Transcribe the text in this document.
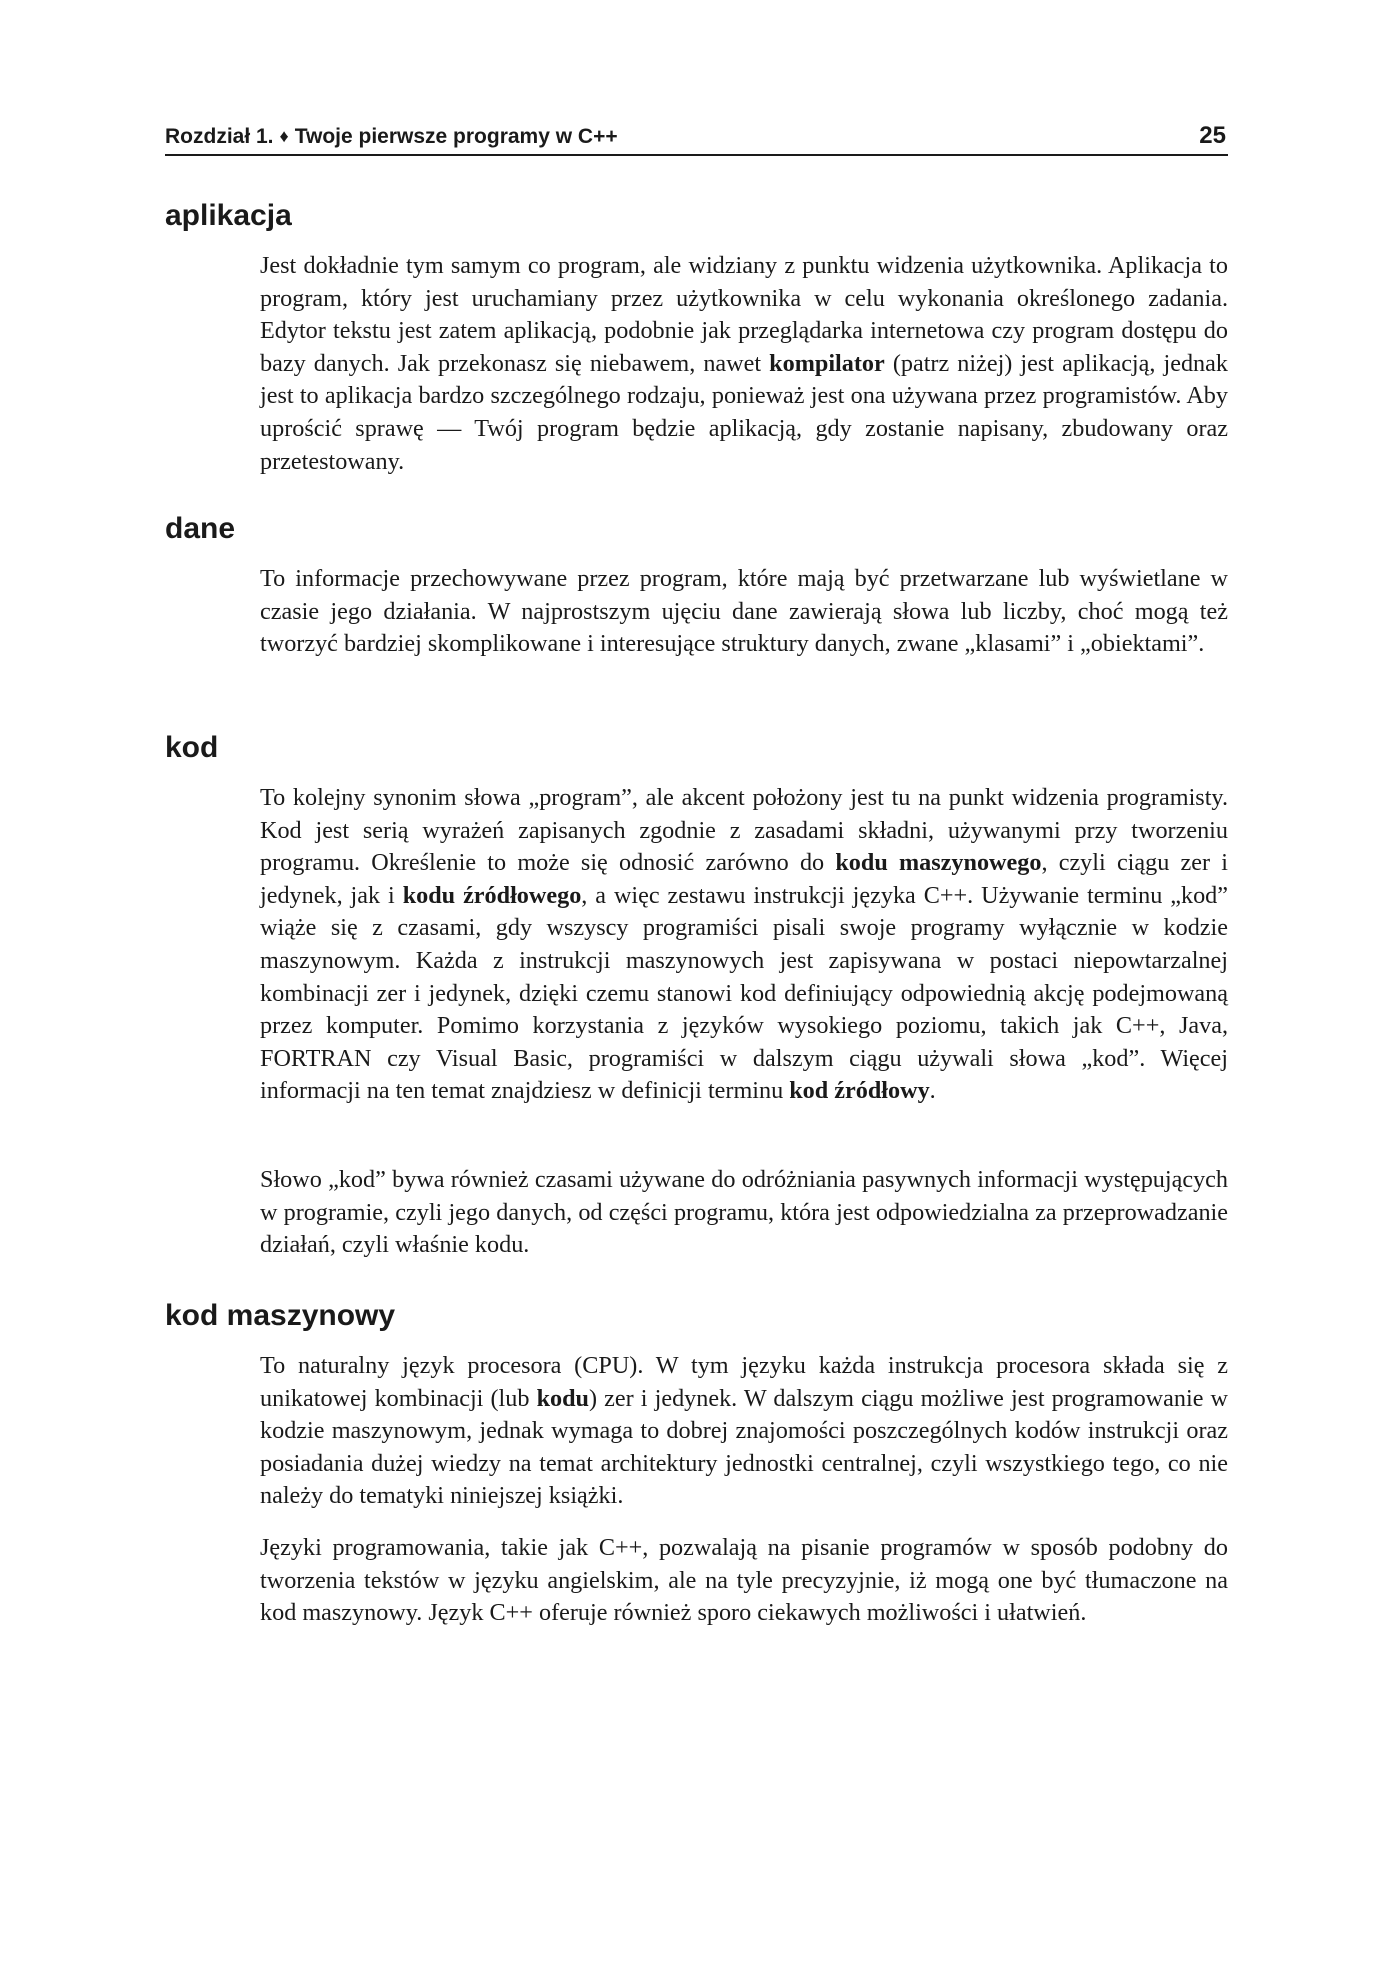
Rozdział 1. ♦ Twoje pierwsze programy w C++	25
aplikacja

Jest dokładnie tym samym co program, ale widziany z punktu widzenia użytkownika. Aplikacja to program, który jest uruchamiany przez użytkownika w celu wykonania określonego zadania. Edytor tekstu jest zatem aplikacją, podobnie jak przeglądarka internetowa czy program dostępu do bazy danych. Jak przekonasz się niebawem, nawet kompilator (patrz niżej) jest aplikacją, jednak jest to aplikacja bardzo szczególnego rodzaju, ponieważ jest ona używana przez programistów. Aby uprościć sprawę — Twój program będzie aplikacją, gdy zostanie napisany, zbudowany oraz przetestowany.

dane

To informacje przechowywane przez program, które mają być przetwarzane lub wyświetlane w czasie jego działania. W najprostszym ujęciu dane zawierają słowa lub liczby, choć mogą też tworzyć bardziej skomplikowane i interesujące struktury danych, zwane „klasami” i „obiektami”.

kod

To kolejny synonim słowa „program”, ale akcent położony jest tu na punkt widzenia programisty. Kod jest serią wyrażeń zapisanych zgodnie z zasadami składni, używanymi przy tworzeniu programu. Określenie to może się odnosić zarówno do kodu maszynowego, czyli ciągu zer i jedynek, jak i kodu źródłowego, a więc zestawu instrukcji języka C++. Używanie terminu „kod” wiąże się z czasami, gdy wszyscy programiści pisali swoje programy wyłącznie w kodzie maszynowym. Każda z instrukcji maszynowych jest zapisywana w postaci niepowtarzalnej kombinacji zer i jedynek, dzięki czemu stanowi kod definiujący odpowiednią akcję podejmowaną przez komputer. Pomimo korzystania z języków wysokiego poziomu, takich jak C++, Java, FORTRAN czy Visual Basic, programiści w dalszym ciągu używali słowa „kod”. Więcej informacji na ten temat znajdziesz w definicji terminu kod źródłowy.

Słowo „kod” bywa również czasami używane do odróżniania pasywnych informacji występujących w programie, czyli jego danych, od części programu, która jest odpowiedzialna za przeprowadzanie działań, czyli właśnie kodu.

kod maszynowy

To naturalny język procesora (CPU). W tym języku każda instrukcja procesora składa się z unikatowej kombinacji (lub kodu) zer i jedynek. W dalszym ciągu możliwe jest programowanie w kodzie maszynowym, jednak wymaga to dobrej znajomości poszczególnych kodów instrukcji oraz posiadania dużej wiedzy na temat architektury jednostki centralnej, czyli wszystkiego tego, co nie należy do tematyki niniejszej książki.

Języki programowania, takie jak C++, pozwalają na pisanie programów w sposób podobny do tworzenia tekstów w języku angielskim, ale na tyle precyzyjnie, iż mogą one być tłumaczone na kod maszynowy. Język C++ oferuje również sporo ciekawych możliwości i ułatwień.
